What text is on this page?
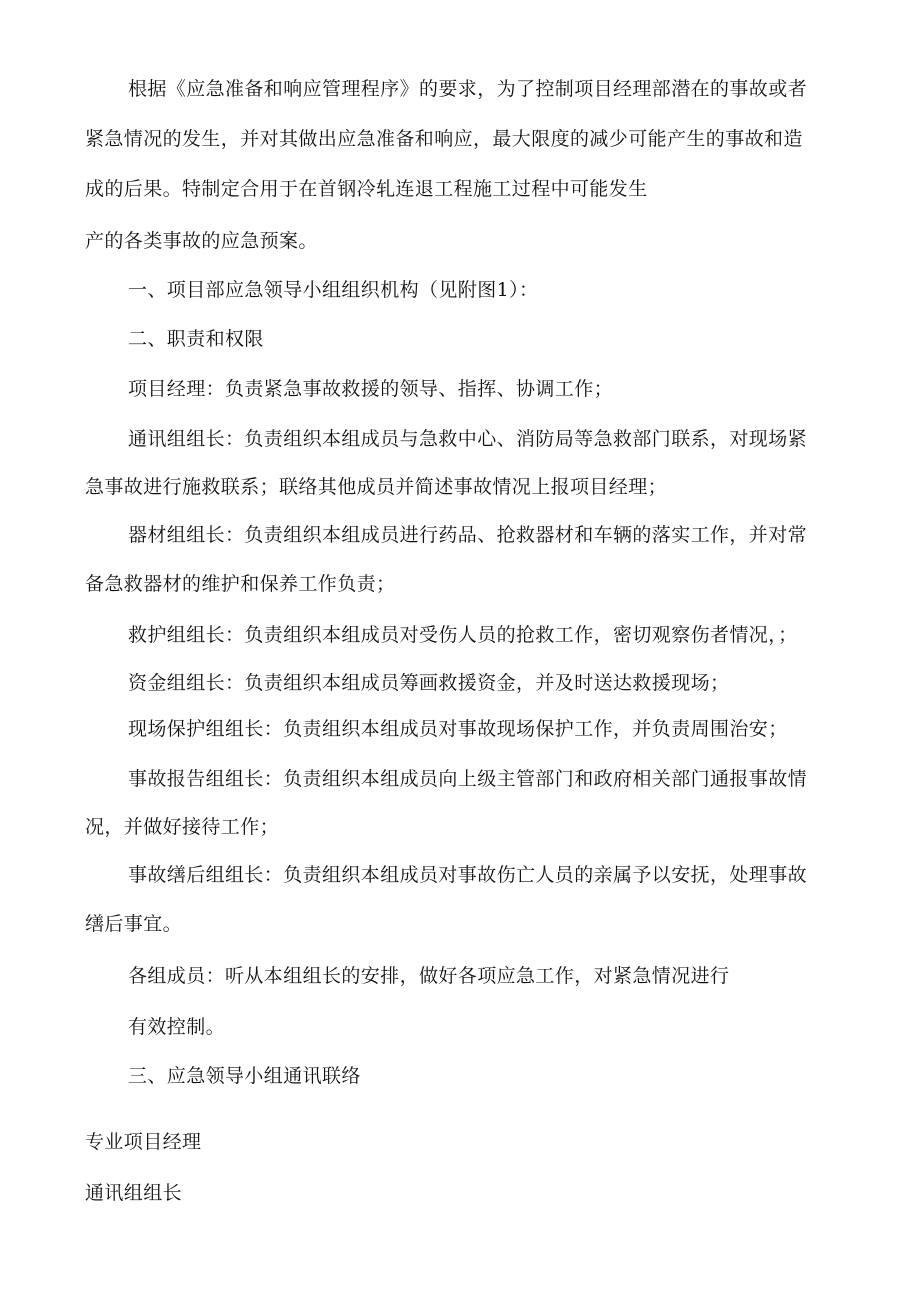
根据《应急准备和响应管理程序》的要求，为了控制项目经理部潜在的事故或者
紧急情况的发生，并对其做出应急准备和响应，最大限度的减少可能产生的事故和造
成的后果。特制定合用于在首钢冷轧连退工程施工过程中可能发生
产的各类事故的应急预案。
一、项目部应急领导小组组织机构（见附图1）：
二、职责和权限
项目经理：负责紧急事故救援的领导、指挥、协调工作；
通讯组组长：负责组织本组成员与急救中心、消防局等急救部门联系，对现场紧
急事故进行施救联系；联络其他成员并简述事故情况上报项目经理；
器材组组长：负责组织本组成员进行药品、抢救器材和车辆的落实工作，并对常
备急救器材的维护和保养工作负责；
救护组组长：负责组织本组成员对受伤人员的抢救工作，密切观察伤者情况，；
资金组组长：负责组织本组成员筹画救援资金，并及时送达救援现场；
现场保护组组长：负责组织本组成员对事故现场保护工作，并负责周围治安；
事故报告组组长：负责组织本组成员向上级主管部门和政府相关部门通报事故情
况，并做好接待工作；
事故缮后组组长：负责组织本组成员对事故伤亡人员的亲属予以安抚，处理事故
缮后事宜。
各组成员：听从本组组长的安排，做好各项应急工作，对紧急情况进行
有效控制。
三、应急领导小组通讯联络
专业项目经理
通讯组组长
